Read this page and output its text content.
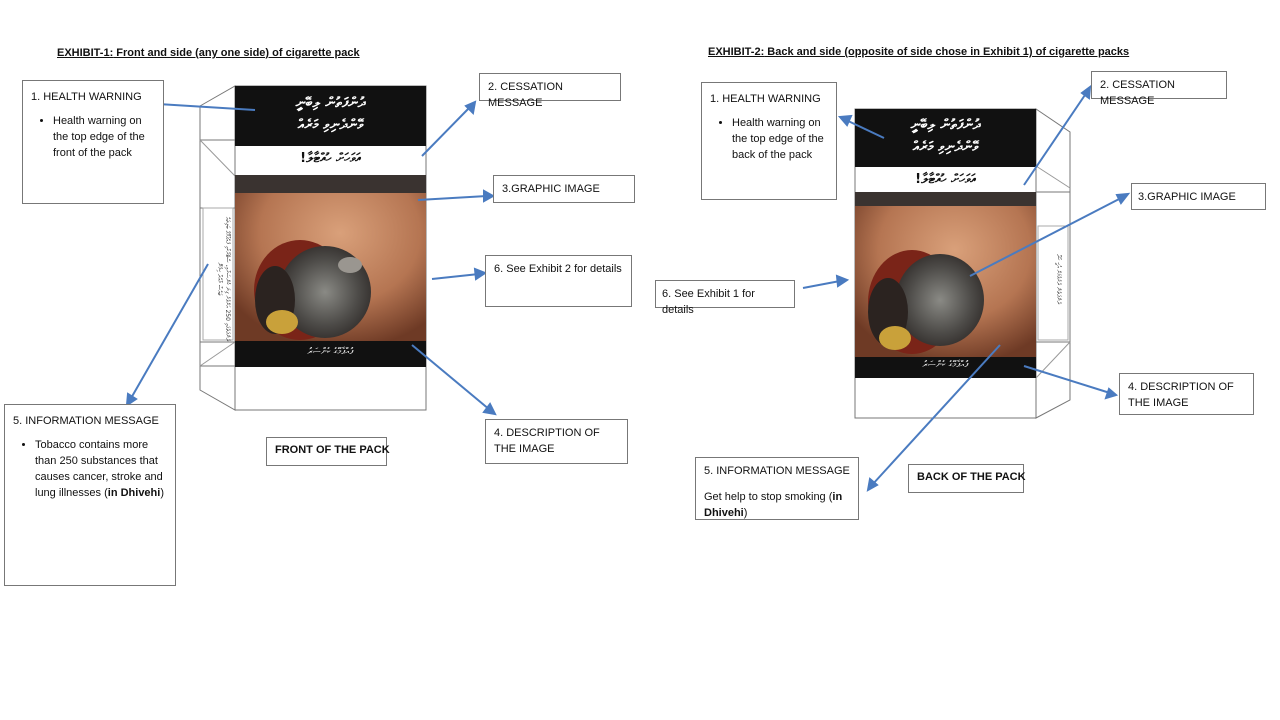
EXHIBIT-1: Front and side (any one side) of cigarette pack	EXHIBIT-2: Back and side (opposite of side chose in Exhibit 1) of cigarette packs
ދުންފަތުން ލިބޭނީ
ވޭންދެނިވި މަރެއް
އަވަހަށް ހުއްޓާލާ!
ފުއްޕާމޭގެ ކެންސަރު
ދުންފަތުގައި 250 އަށްވުރެ ގިނަ ކެންސަރާއި، ސްޓްރޯކާއި ފުއްޕާމޭގެ ބަލިތައް ޖައްސާ މާއްދާ ހިމެނޭ
ދުންފަތުން ލިބޭނީ
ވޭންދެނިވި މަރެއް
އަވަހަށް ހުއްޓާލާ!
ފުއްޕާމޭގެ ކެންސަރު
ދުންފަތުން ދުރުވުމަށް އެހީ ހޯދާ
1. HEALTH WARNING
• Health warning on the top edge of the front of the pack
2. CESSATION MESSAGE
3.GRAPHIC IMAGE
6. See Exhibit 2 for details
4. DESCRIPTION OF THE IMAGE
5. INFORMATION MESSAGE
• Tobacco contains more than 250 substances that causes cancer, stroke and lung illnesses (in Dhivehi)
FRONT OF THE PACK
1. HEALTH WARNING
• Health warning on the top edge of the back of the pack
2. CESSATION MESSAGE
3.GRAPHIC IMAGE
6. See Exhibit 1 for details
4. DESCRIPTION OF THE IMAGE
5. INFORMATION MESSAGE

Get help to stop smoking (in Dhivehi)

BACK OF THE PACK
